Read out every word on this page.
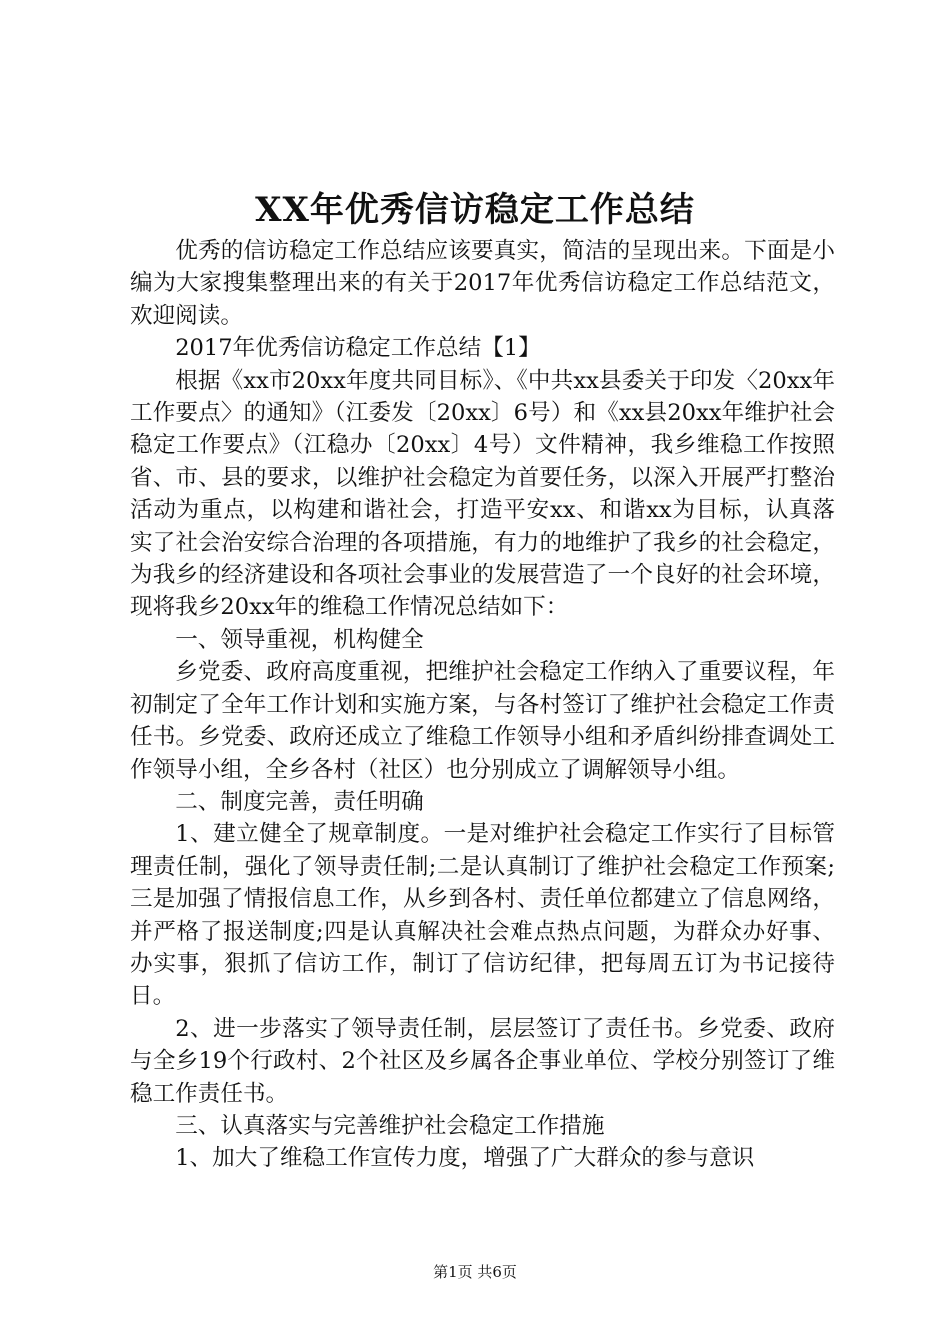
XX年优秀信访稳定工作总结

优秀的信访稳定工作总结应该要真实，简洁的呈现出来。下面是小编为大家搜集整理出来的有关于2017年优秀信访稳定工作总结范文，欢迎阅读。

2017年优秀信访稳定工作总结【1】

根据《xx市20xx年度共同目标》、《中共xx县委关于印发〈20xx年工作要点〉的通知》（江委发〔20xx〕6号）和《xx县20xx年维护社会稳定工作要点》（江稳办〔20xx〕4号）文件精神，我乡维稳工作按照省、市、县的要求，以维护社会稳定为首要任务，以深入开展严打整治活动为重点，以构建和谐社会，打造平安xx、和谐xx为目标，认真落实了社会治安综合治理的各项措施，有力的地维护了我乡的社会稳定，为我乡的经济建设和各项社会事业的发展营造了一个良好的社会环境，现将我乡20xx年的维稳工作情况总结如下：

一、领导重视，机构健全

乡党委、政府高度重视，把维护社会稳定工作纳入了重要议程，年初制定了全年工作计划和实施方案，与各村签订了维护社会稳定工作责任书。乡党委、政府还成立了维稳工作领导小组和矛盾纠纷排查调处工作领导小组，全乡各村（社区）也分别成立了调解领导小组。

二、制度完善，责任明确

1、建立健全了规章制度。一是对维护社会稳定工作实行了目标管理责任制，强化了领导责任制;二是认真制订了维护社会稳定工作预案;三是加强了情报信息工作，从乡到各村、责任单位都建立了信息网络，并严格了报送制度;四是认真解决社会难点热点问题，为群众办好事、办实事，狠抓了信访工作，制订了信访纪律，把每周五订为书记接待日。

2、进一步落实了领导责任制，层层签订了责任书。乡党委、政府与全乡19个行政村、2个社区及乡属各企事业单位、学校分别签订了维稳工作责任书。

三、认真落实与完善维护社会稳定工作措施

1、加大了维稳工作宣传力度，增强了广大群众的参与意识

第1页 共6页
